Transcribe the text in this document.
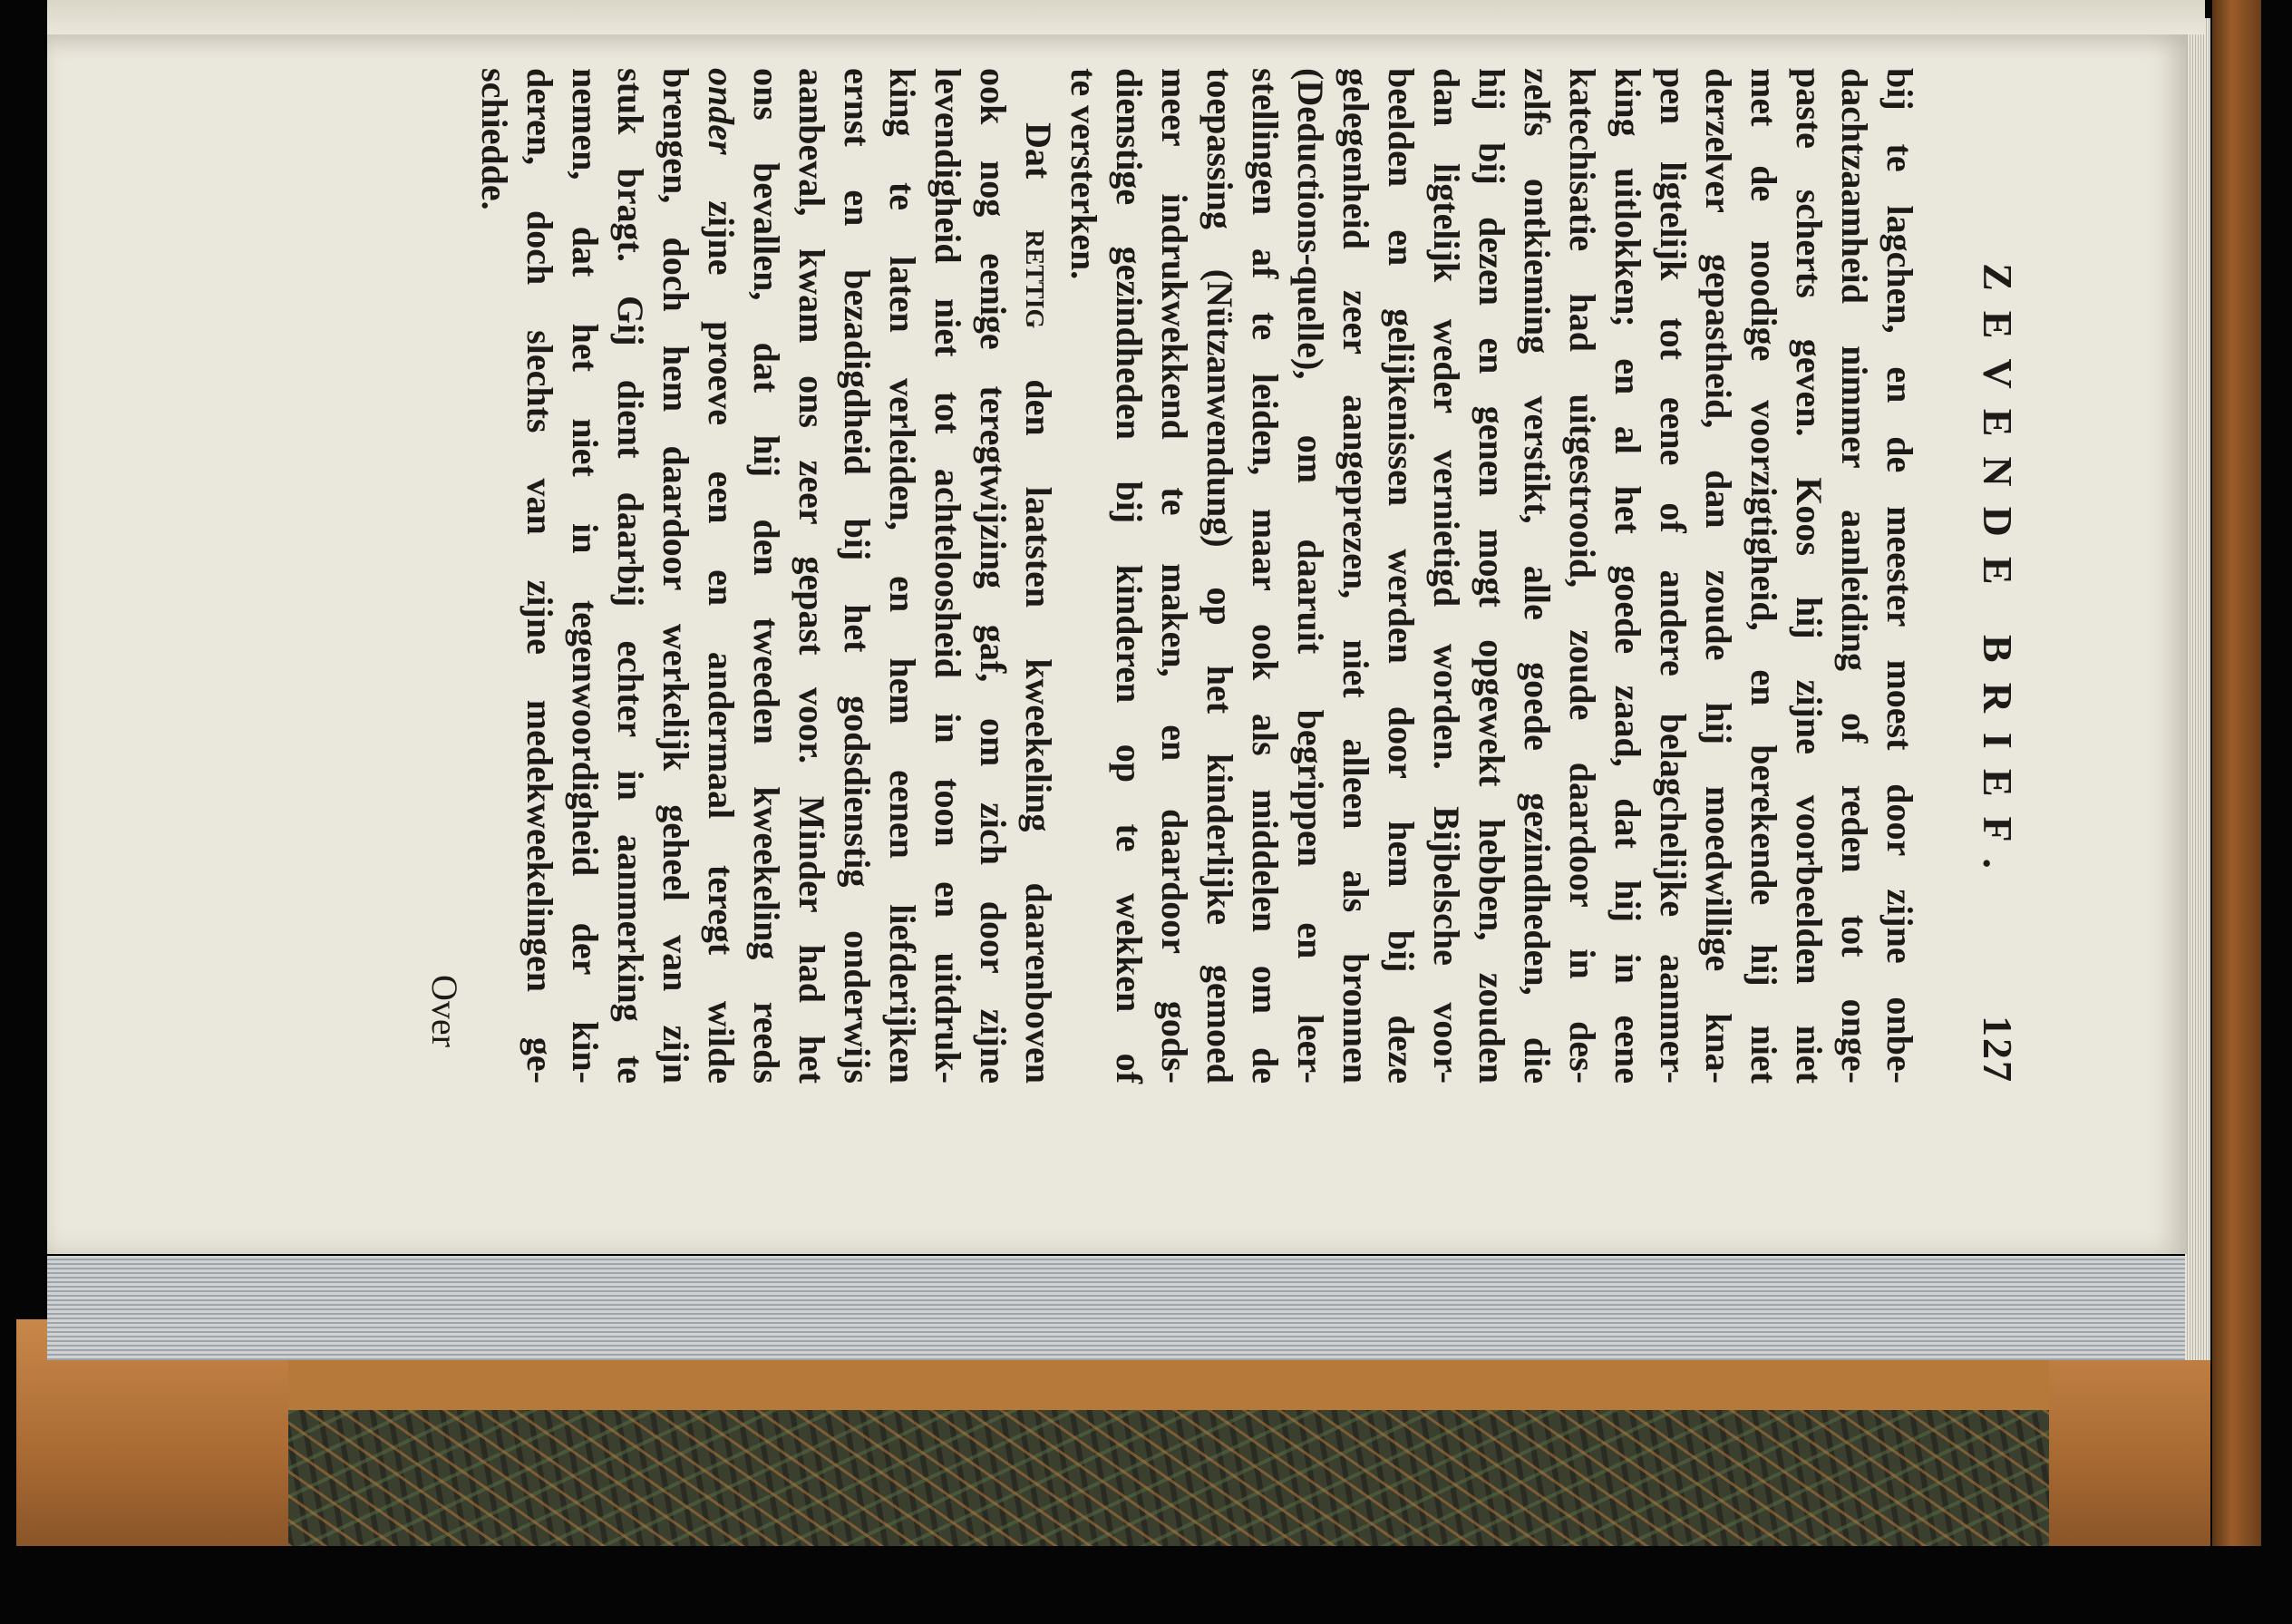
ZEVENDE BRIEF.
127

bij te lagchen, en de meester moest door zijne onbe-
dachtzaamheid nimmer aanleiding of reden tot onge-
paste scherts geven. Koos hij zijne voorbeelden niet
met de noodige voorzigtigheid, en berekende hij niet
derzelver gepastheid, dan zoude hij moedwillige kna-
pen ligtelijk tot eene of andere belagchelijke aanmer-
king uitlokken; en al het goede zaad, dat hij in eene
katechisatie had uitgestrooid, zoude daardoor in des-
zelfs ontkieming verstikt, alle goede gezindheden, die
hij bij dezen en genen mogt opgewekt hebben, zouden
dan ligtelijk weder vernietigd worden. Bijbelsche voor-
beelden en gelijkenissen werden door hem bij deze
gelegenheid zeer aangeprezen, niet alleen als bronnen
(Deductions-quelle), om daaruit begrippen en leer-
stellingen af te leiden, maar ook als middelen om de
toepassing (Nützanwendung) op het kinderlijke gemoed
meer indrukwekkend te maken, en daardoor gods-
dienstige gezindheden bij kinderen op te wekken of
te versterken.

Dat rettig den laatsten kweekeling daarenboven
ook nog eenige teregtwijzing gaf, om zich door zijne
levendigheid niet tot achteloosheid in toon en uitdruk-
king te laten verleiden, en hem eenen liefderijken
ernst en bezadigdheid bij het godsdienstig onderwijs
aanbeval, kwam ons zeer gepast voor. Minder had het
ons bevallen, dat hij den tweeden kweekeling reeds
onder zijne proeve een en andermaal teregt wilde
brengen, doch hem daardoor werkelijk geheel van zijn
stuk bragt. Gij dient daarbij echter in aanmerking te
nemen, dat het niet in tegenwoordigheid der kin-
deren, doch slechts van zijne medekweekelingen ge-
schiedde.

Over
